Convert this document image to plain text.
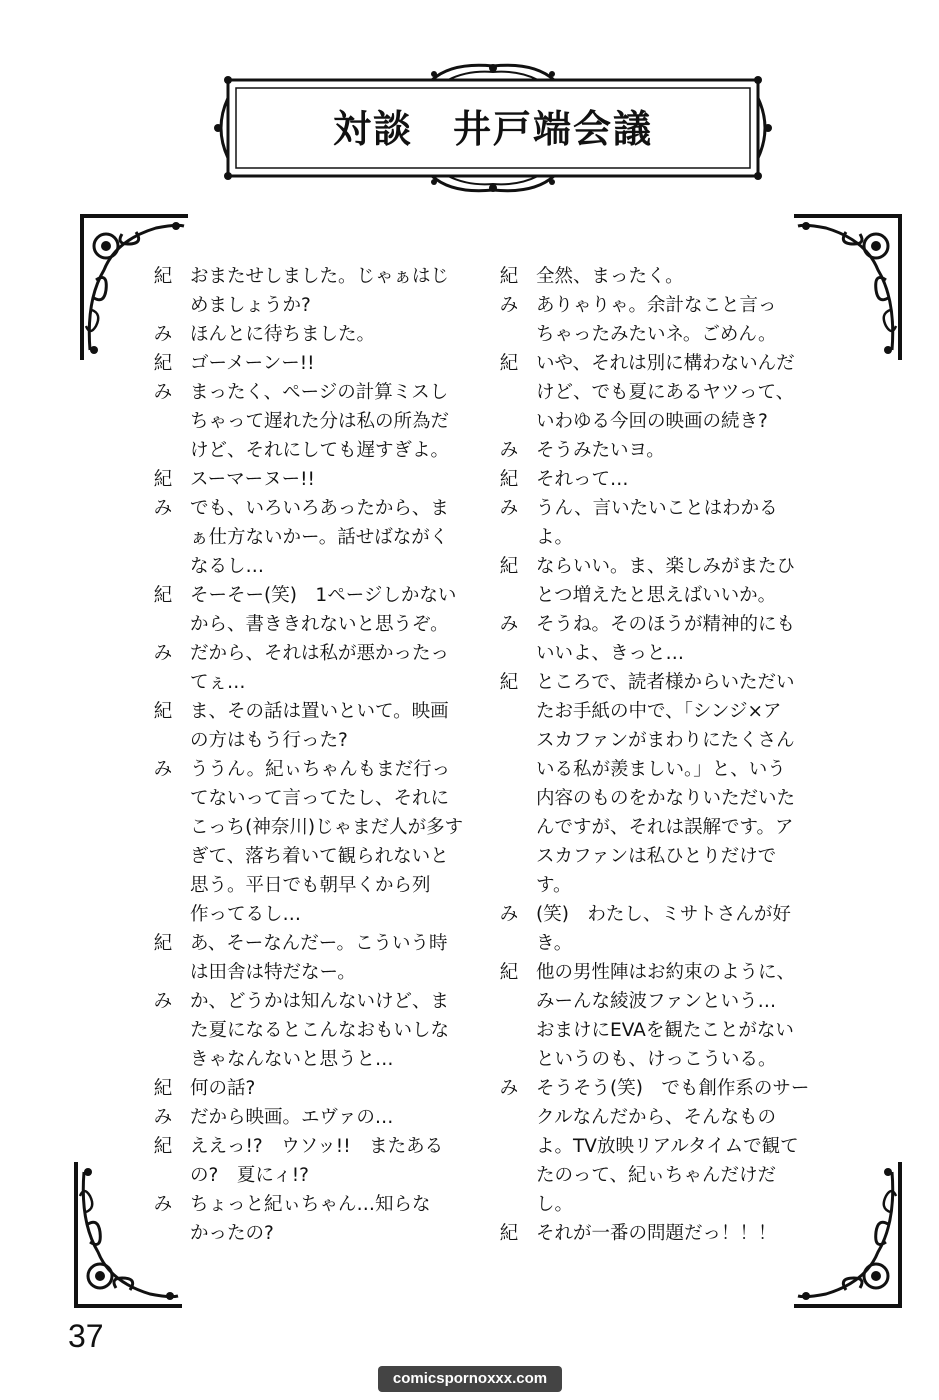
対談　井戸端会議
紀 おまたせしました。じゃぁはじ
めましょうか?
み ほんとに待ちました。
紀 ゴーメーンー!!
み まったく、ページの計算ミスし
ちゃって遅れた分は私の所為だ
けど、それにしても遅すぎよ。
紀 スーマーヌー!!
み でも、いろいろあったから、ま
ぁ仕方ないかー。話せばながく
なるし…
紀 そーそー(笑)　1ページしかない
から、書ききれないと思うぞ。
み だから、それは私が悪かったっ
てぇ…
紀 ま、その話は置いといて。映画
の方はもう行った?
み ううん。紀ぃちゃんもまだ行っ
てないって言ってたし、それに
こっち(神奈川)じゃまだ人が多す
ぎて、落ち着いて観られないと
思う。平日でも朝早くから列
作ってるし…
紀 あ、そーなんだー。こういう時
は田舎は特だなー。
み か、どうかは知んないけど、ま
た夏になるとこんなおもいしな
きゃなんないと思うと…
紀 何の話?
み だから映画。エヴァの…
紀 ええっ!?　ウソッ!!　またある
の?　夏にィ!?
み ちょっと紀ぃちゃん…知らな
かったの?
紀 全然、まったく。
み ありゃりゃ。余計なこと言っ
ちゃったみたいネ。ごめん。
紀 いや、それは別に構わないんだ
けど、でも夏にあるヤツって、
いわゆる今回の映画の続き?
み そうみたいヨ。
紀 それって…
み うん、言いたいことはわかる
よ。
紀 ならいい。ま、楽しみがまたひ
とつ増えたと思えばいいか。
み そうね。そのほうが精神的にも
いいよ、きっと…
紀 ところで、読者様からいただい
たお手紙の中で、「シンジ×ア
スカファンがまわりにたくさん
いる私が羨ましい。」と、いう
内容のものをかなりいただいた
んですが、それは誤解です。ア
スカファンは私ひとりだけで
す。
み (笑)　わたし、ミサトさんが好
き。
紀 他の男性陣はお約束のように、
みーんな綾波ファンという…
おまけにEVAを観たことがない
というのも、けっこういる。
み そうそう(笑)　でも創作系のサー
クルなんだから、そんなもの
よ。TV放映リアルタイムで観て
たのって、紀ぃちゃんだけだ
し。
紀 それが一番の問題だっ！！！
37
comicspornoxxx.com
